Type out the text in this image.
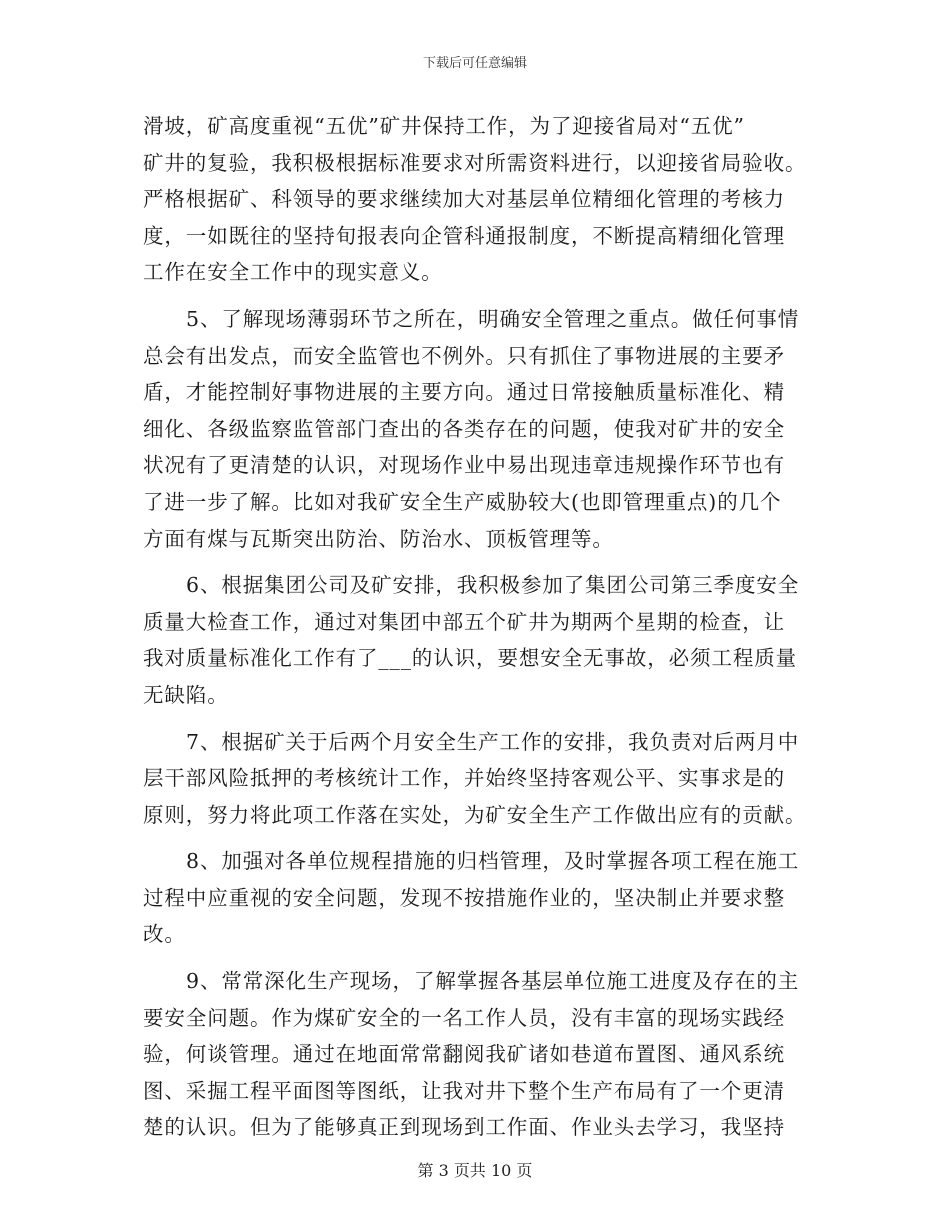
下载后可任意编辑
滑坡，矿高度重视“五优”矿井保持工作，为了迎接省局对“五优”
矿井的复验，我积极根据标准要求对所需资料进行，以迎接省局验收。
严格根据矿、科领导的要求继续加大对基层单位精细化管理的考核力
度，一如既往的坚持旬报表向企管科通报制度，不断提高精细化管理
工作在安全工作中的现实意义。
5、了解现场薄弱环节之所在，明确安全管理之重点。做任何事情
总会有出发点，而安全监管也不例外。只有抓住了事物进展的主要矛
盾，才能控制好事物进展的主要方向。通过日常接触质量标准化、精
细化、各级监察监管部门查出的各类存在的问题，使我对矿井的安全
状况有了更清楚的认识，对现场作业中易出现违章违规操作环节也有
了进一步了解。比如对我矿安全生产威胁较大(也即管理重点)的几个
方面有煤与瓦斯突出防治、防治水、顶板管理等。
6、根据集团公司及矿安排，我积极参加了集团公司第三季度安全
质量大检查工作，通过对集团中部五个矿井为期两个星期的检查，让
我对质量标准化工作有了___的认识，要想安全无事故，必须工程质量
无缺陷。
7、根据矿关于后两个月安全生产工作的安排，我负责对后两月中
层干部风险抵押的考核统计工作，并始终坚持客观公平、实事求是的
原则，努力将此项工作落在实处，为矿安全生产工作做出应有的贡献。
8、加强对各单位规程措施的归档管理，及时掌握各项工程在施工
过程中应重视的安全问题，发现不按措施作业的，坚决制止并要求整
改。
9、常常深化生产现场，了解掌握各基层单位施工进度及存在的主
要安全问题。作为煤矿安全的一名工作人员，没有丰富的现场实践经
验，何谈管理。通过在地面常常翻阅我矿诸如巷道布置图、通风系统
图、采掘工程平面图等图纸，让我对井下整个生产布局有了一个更清
楚的认识。但为了能够真正到现场到工作面、作业头去学习，我坚持
第 3 页共 10 页
